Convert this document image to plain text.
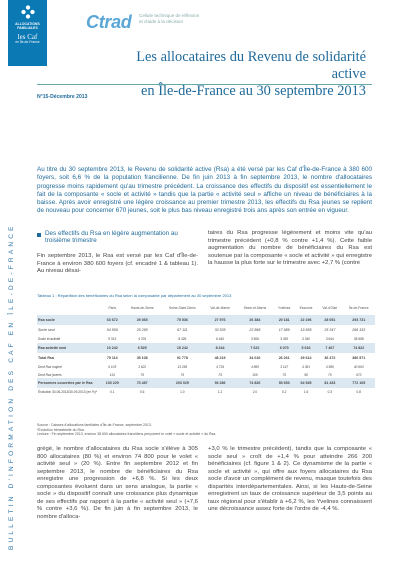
ALLOCATIONS FAMILIALES
les Caf
en Île-de-France
Ctrad Cellule technique de réflexion
et d'aide à la décision
Les allocataires du Revenu de solidarité active
en Île-de-France au 30 septembre 2013
N°15-Décembre 2013
BULLETIN D'INFORMATION DES CAF EN ÎLE-DE-FRANCE
Au titre du 30 septembre 2013, le Revenu de solidarité active (Rsa) a été versé par les Caf d'Île-de-France à 380 600 foyers, soit 6,6 % de la population francilienne. De fin juin 2013 à fin septembre 2013, le nombre d'allocataires progresse moins rapidement qu'au trimestre précédent. La croissance des effectifs du dispositif est essentiellement le fait de la composante « socle et activité » tandis que la partie « activité seul » affiche un niveau de bénéficiaires à la baisse. Après avoir enregistré une légère croissance au premier trimestre 2013, les effectifs du Rsa jeunes se replient de nouveau pour concerner 670 jeunes, soit le plus bas niveau enregistré trois ans après son entrée en vigueur.
Des effectifs du Rsa en légère augmentation au troisième trimestre
Fin septembre 2013, le Rsa est versé par les Caf d'Île-de-France à environ 380 600 foyers (cf. encadré 1 & tableau 1). Au niveau désai-
taires du Rsa progresse légèrement et moins vite qu'au trimestre précédent (+0,8 % contre +1,4 %). Cette faible augmentation du nombre de bénéficiaires du Rsa est soutenue par la composante « socle et activité » qui enregistre la hausse la plus forte sur le trimestre avec +2,7 % (contre
Tableau 1 : Répartition des bénéficiaires du Rsa selon la composante par département au 30 septembre 2013
	Paris	Hauts-de-Seine	Seine-Saint-Denis	Val-de-Marne	Seine-et-Marne	Yvelines	Essonne	Val-d'Oise	Île-de-France
Rsa socle	63 672	29 365	75 536	27 976	26 384	20 181	22 196	28 051	293 731
Socle seul	54 559	25 295	67 111	33 535	22 868	17 689	19 555	25 347	266 153
Socle et activité	9 313	4 376	8 425	6 440	3 506	3 492	3 340	3 644	35 558
Rsa activité seul	10 242	6 525	15 242	8 244	7 622	6 070	5 616	7 467	74 822
Total Rsa	79 114	35 108	91 778	48 219	34 016	26 261	29 614	36 472	380 571
Dont Rsa majoré	6 103	3 622	13 265	4 734	4 865	3 147	4 361	4 586	40 663
Dont Rsa jeunes	114	75	75	75	109	75	58	75	673
Personnes couvertes par le Rsa	130 229	73 487	203 025	93 286	74 826	53 653	64 945	81 433	772 105
Évolution 30-06-2013/30-09-2013 (en %)*	0.1	0.6	1.0	1.2	2.0	0.2	1.6	0.3	0.8
Source : Caisses d'allocations familiales d'Île-de-France, septembre 2013.
*Évolution trimestrielle du Rsa.
Lecture : Fin septembre 2013, environ 38 600 allocataires franciliens perçoivent le volet « socle et activité » du Rsa.
grégé, le nombre d'allocataires du Rsa socle s'élève à 305 800 allocataires (80 %) et environ 74 800 pour le volet « activité seul » (20 %). Entre fin septembre 2012 et fin septembre 2013, le nombre de bénéficiaires du Rsa enregistre une progression de +6,8 %. Si les deux composantes évoluent dans un sens analogue, la partie « socle » du dispositif connaît une croissance plus dynamique de ses effectifs par rapport à la partie « activité seul » (+7,6 % contre +3,6 %). De fin juin à fin septembre 2013, le nombre d'alloca-
+3,0 % le trimestre précédent), tandis que la composante « socle seul » croît de +1,4 % pour atteindre 266 200 bénéficiaires (cf. figure 1 & 2). Ce dynamisme de la partie « socle et activité », qui offre aux foyers allocataires du Rsa socle d'avoir un complément de revenu, masque toutefois des disparités interdépartementales. Ainsi, si les Hauts-de-Seine enregistrent un taux de croissance supérieur de 3,5 points au taux régional pour s'établir à +6,2 %, les Yvelines connaissent une décroissance assez forte de l'ordre de -4,4 %.
